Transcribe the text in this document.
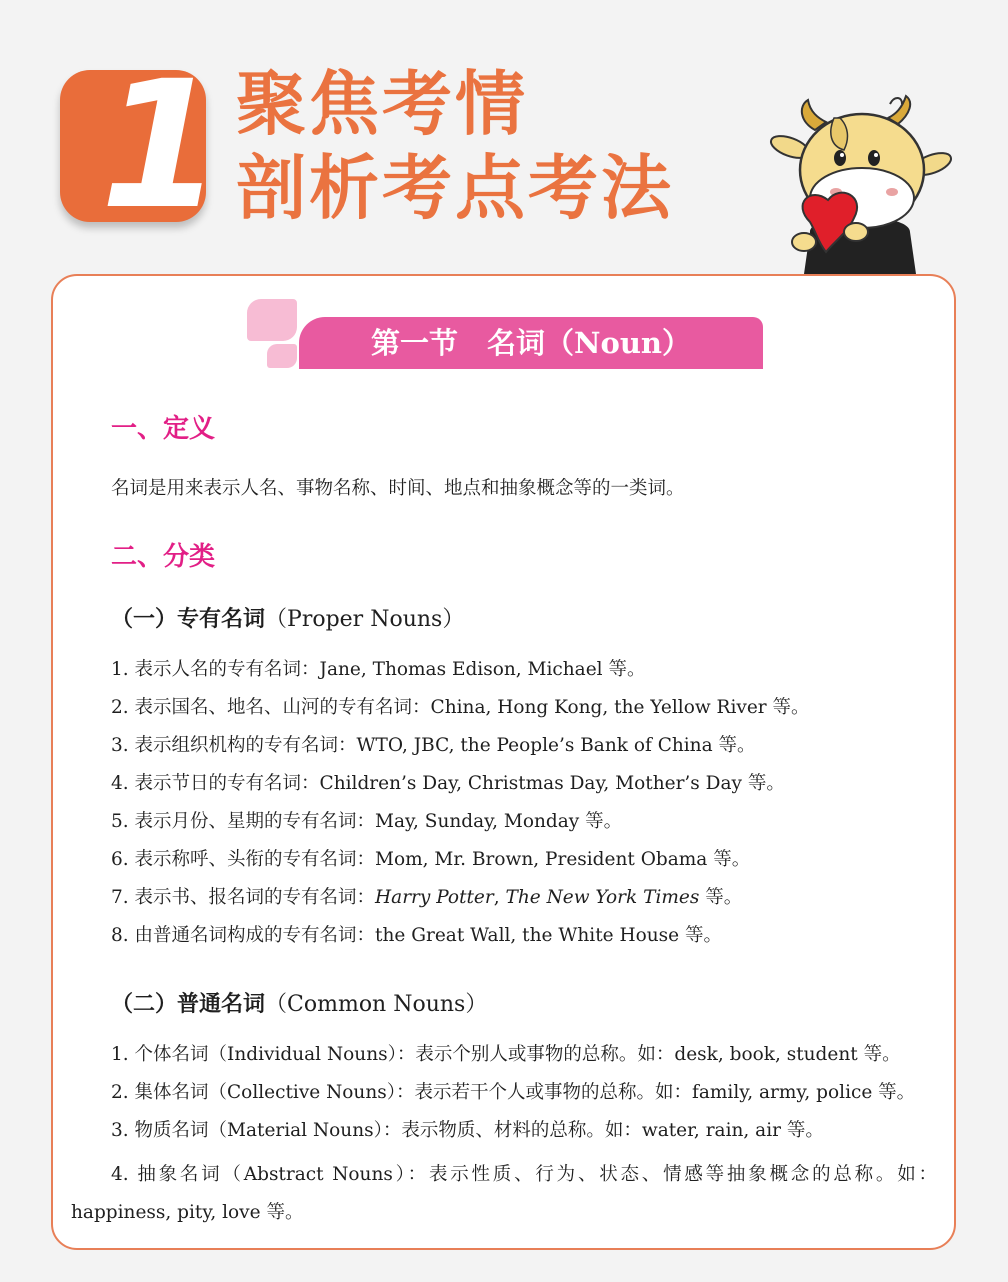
1 聚焦考情
剖析考点考法
第一节　名词（Noun）
一、定义
名词是用来表示人名、事物名称、时间、地点和抽象概念等的一类词。
二、分类
（一）专有名词（Proper Nouns）
1. 表示人名的专有名词：Jane, Thomas Edison, Michael 等。
2. 表示国名、地名、山河的专有名词：China, Hong Kong, the Yellow River 等。
3. 表示组织机构的专有名词：WTO, JBC, the People’s Bank of China 等。
4. 表示节日的专有名词：Children’s Day, Christmas Day, Mother’s Day 等。
5. 表示月份、星期的专有名词：May, Sunday, Monday 等。
6. 表示称呼、头衔的专有名词：Mom, Mr. Brown, President Obama 等。
7. 表示书、报名词的专有名词：Harry Potter, The New York Times 等。
8. 由普通名词构成的专有名词：the Great Wall, the White House 等。
（二）普通名词（Common Nouns）
1. 个体名词（Individual Nouns）：表示个别人或事物的总称。如：desk, book, student 等。
2. 集体名词（Collective Nouns）：表示若干个人或事物的总称。如：family, army, police 等。
3. 物质名词（Material Nouns）：表示物质、材料的总称。如：water, rain, air 等。
4. 抽象名词（Abstract Nouns）：表示性质、行为、状态、情感等抽象概念的总称。如：happiness, pity, love 等。
